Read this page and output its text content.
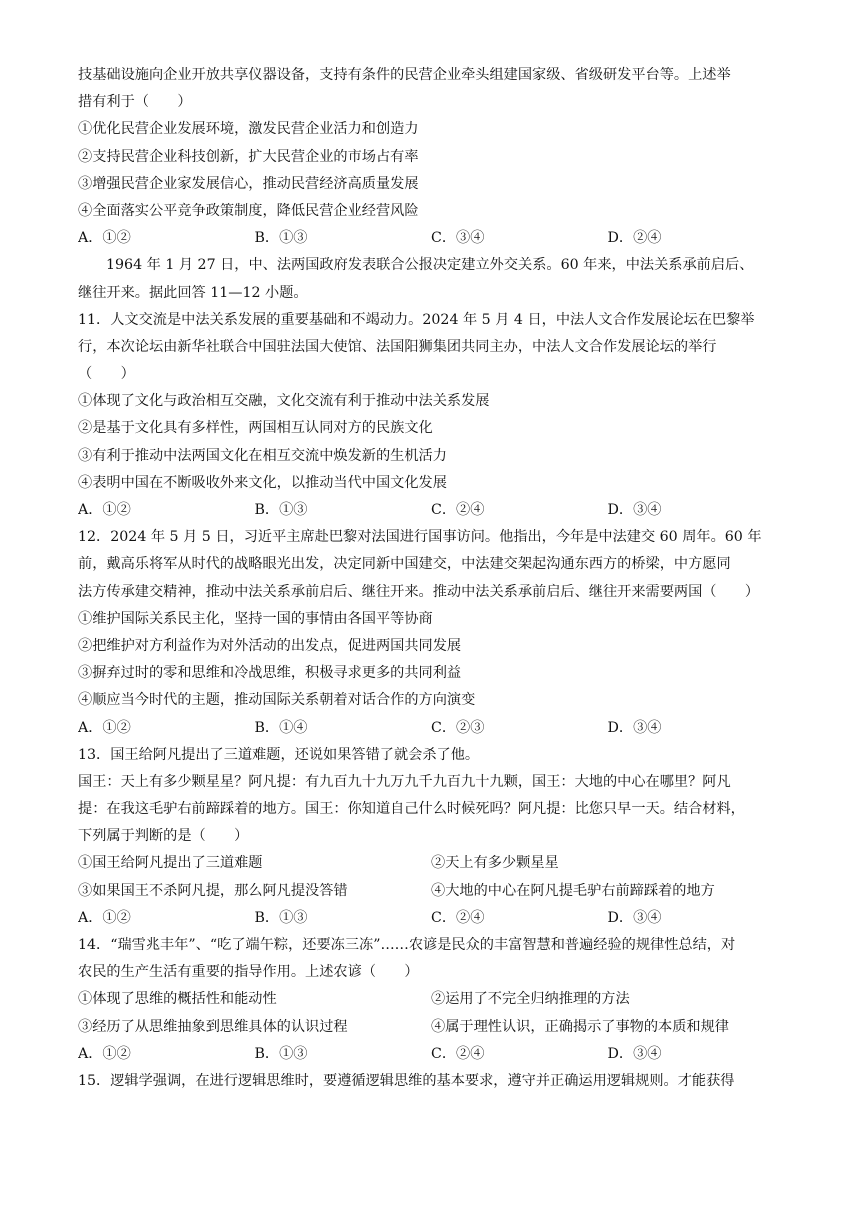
技基础设施向企业开放共享仪器设备，支持有条件的民营企业牵头组建国家级、省级研发平台等。上述举
措有利于（　　）
①优化民营企业发展环境，激发民营企业活力和创造力
②支持民营企业科技创新，扩大民营企业的市场占有率
③增强民营企业家发展信心，推动民营经济高质量发展
④全面落实公平竞争政策制度，降低民营企业经营风险
A．①②	B．①③	C．③④	D．②④
1964 年 1 月 27 日，中、法两国政府发表联合公报决定建立外交关系。60 年来，中法关系承前启后、
继往开来。据此回答 11—12 小题。
11．人文交流是中法关系发展的重要基础和不竭动力。2024 年 5 月 4 日，中法人文合作发展论坛在巴黎举
行，本次论坛由新华社联合中国驻法国大使馆、法国阳狮集团共同主办，中法人文合作发展论坛的举行
（　　）
①体现了文化与政治相互交融，文化交流有利于推动中法关系发展
②是基于文化具有多样性，两国相互认同对方的民族文化
③有利于推动中法两国文化在相互交流中焕发新的生机活力
④表明中国在不断吸收外来文化，以推动当代中国文化发展
A．①②	B．①③	C．②④	D．③④
12．2024 年 5 月 5 日，习近平主席赴巴黎对法国进行国事访问。他指出，今年是中法建交 60 周年。60 年
前，戴高乐将军从时代的战略眼光出发，决定同新中国建交，中法建交架起沟通东西方的桥梁，中方愿同
法方传承建交精神，推动中法关系承前启后、继往开来。推动中法关系承前启后、继往开来需要两国（　　）
①维护国际关系民主化，坚持一国的事情由各国平等协商
②把维护对方利益作为对外活动的出发点，促进两国共同发展
③摒弃过时的零和思维和冷战思维，积极寻求更多的共同利益
④顺应当今时代的主题，推动国际关系朝着对话合作的方向演变
A．①②	B．①④	C．②③	D．③④
13．国王给阿凡提出了三道难题，还说如果答错了就会杀了他。
国王：天上有多少颗星星？阿凡提：有九百九十九万九千九百九十九颗，国王：大地的中心在哪里？阿凡
提：在我这毛驴右前蹄踩着的地方。国王：你知道自己什么时候死吗？阿凡提：比您只早一天。结合材料，
下列属于判断的是（　　）
①国王给阿凡提出了三道难题	②天上有多少颗星星
③如果国王不杀阿凡提，那么阿凡提没答错	④大地的中心在阿凡提毛驴右前蹄踩着的地方
A．①②	B．①③	C．②④	D．③④
14．“瑞雪兆丰年”、“吃了端午粽，还要冻三冻”……农谚是民众的丰富智慧和普遍经验的规律性总结，对
农民的生产生活有重要的指导作用。上述农谚（　　）
①体现了思维的概括性和能动性	②运用了不完全归纳推理的方法
③经历了从思维抽象到思维具体的认识过程	④属于理性认识，正确揭示了事物的本质和规律
A．①②	B．①③	C．②④	D．③④
15．逻辑学强调，在进行逻辑思维时，要遵循逻辑思维的基本要求，遵守并正确运用逻辑规则。才能获得
